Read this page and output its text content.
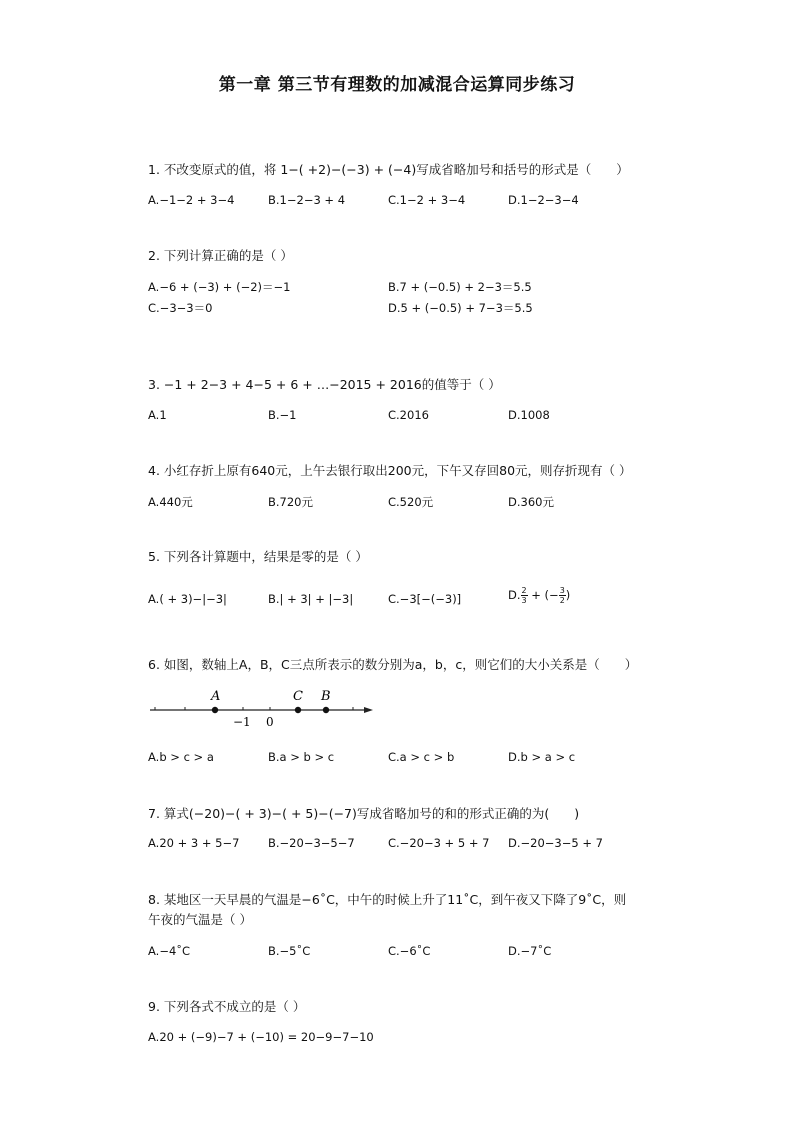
第一章 第三节有理数的加减混合运算同步练习
1. 不改变原式的值，将 1−( +2)−(−3) + (−4)写成省略加号和括号的形式是（　　）
A.−1−2 + 3−4	B.1−2−3 + 4	C.1−2 + 3−4	D.1−2−3−4
2. 下列计算正确的是（ ）
A.−6 + (−3) + (−2)＝−1	B.7 + (−0.5) + 2−3＝5.5
C.−3−3＝0	D.5 + (−0.5) + 7−3＝5.5
3. −1 + 2−3 + 4−5 + 6 + …−2015 + 2016的值等于（ ）
A.1	B.−1	C.2016	D.1008
4. 小红存折上原有640元，上午去银行取出200元，下午又存回80元，则存折现有（ ）
A.440元	B.720元	C.520元	D.360元
5. 下列各计算题中，结果是零的是（ ）
A.( + 3)−|−3|	B.| + 3| + |−3|	C.−3[−(−3)]	D. $\frac{2}{3}$ + (− $\frac{3}{2}$ )
6. 如图，数轴上A，B，C三点所表示的数分别为a，b，c，则它们的大小关系是（　　）
A	C B
−1 0
A.b > c > a	B.a > b > c	C.a > c > b	D.b > a > c
7. 算式(−20)−( + 3)−( + 5)−(−7)写成省略加号的和的形式正确的为(　　)
A.20 + 3 + 5−7 B.−20−3−5−7	C.−20−3 + 5 + 7 D.−20−3−5 + 7
8. 某地区一天早晨的气温是−6˚C，中午的时候上升了11˚C，到午夜又下降了9˚C，则
午夜的气温是（ ）
A.−4˚C	B.−5˚C	C.−6˚C	D.−7˚C
9. 下列各式不成立的是（ ）
A.20 + (−9)−7 + (−10) = 20−9−7−10
